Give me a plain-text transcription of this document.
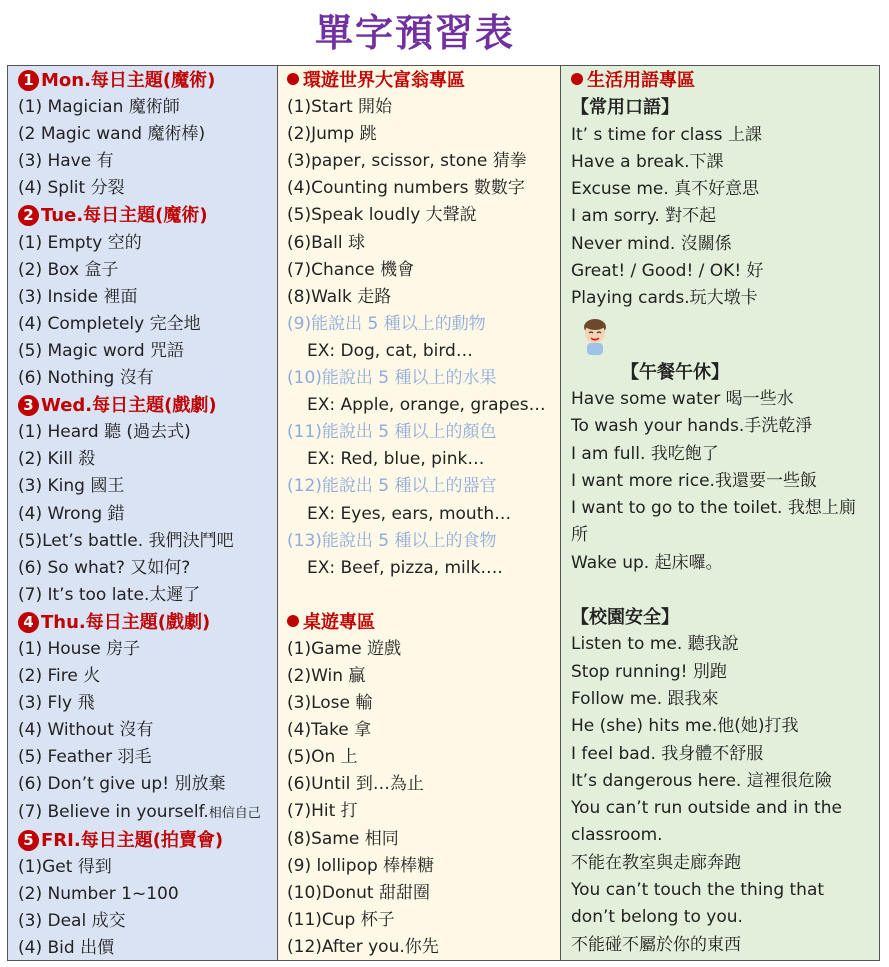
單字預習表
1 Mon.每日主題(魔術)
(1) Magician 魔術師
(2 Magic wand 魔術棒)
(3) Have 有
(4) Split 分裂
2 Tue.每日主題(魔術)
(1) Empty 空的
(2) Box 盒子
(3) Inside 裡面
(4) Completely 完全地
(5) Magic word 咒語
(6) Nothing 沒有
3 Wed.每日主題(戲劇)
(1) Heard 聽 (過去式)
(2) Kill 殺
(3) King 國王
(4) Wrong 錯
(5)Let’s battle. 我們決鬥吧
(6) So what? 又如何?
(7) It’s too late.太遲了
4 Thu.每日主題(戲劇)
(1) House 房子
(2) Fire 火
(3) Fly 飛
(4) Without 沒有
(5) Feather 羽毛
(6) Don’t give up! 別放棄
(7) Believe in yourself.相信自己
5 FRI.每日主題(拍賣會)
(1)Get 得到
(2) Number 1~100
(3) Deal 成交
(4) Bid 出價
環遊世界大富翁專區
(1)Start 開始
(2)Jump 跳
(3)paper, scissor, stone 猜拳
(4)Counting numbers 數數字
(5)Speak loudly 大聲說
(6)Ball 球
(7)Chance 機會
(8)Walk 走路
(9)能說出 5 種以上的動物
EX: Dog, cat, bird…
(10)能說出 5 種以上的水果
EX: Apple, orange, grapes…
(11)能說出 5 種以上的顏色
EX: Red, blue, pink…
(12)能說出 5 種以上的器官
EX: Eyes, ears, mouth…
(13)能說出 5 種以上的食物
EX: Beef, pizza, milk….
桌遊專區
(1)Game 遊戲
(2)Win 贏
(3)Lose 輸
(4)Take 拿
(5)On 上
(6)Until 到…為止
(7)Hit 打
(8)Same 相同
(9) lollipop 棒棒糖
(10)Donut 甜甜圈
(11)Cup 杯子
(12)After you.你先
生活用語專區
【常用口語】
It’ s time for class 上課
Have a break.下課
Excuse me. 真不好意思
I am sorry. 對不起
Never mind. 沒關係
Great! / Good! / OK! 好
Playing cards.玩大墩卡
【午餐午休】
Have some water 喝一些水
To wash your hands.手洗乾淨
I am full. 我吃飽了
I want more rice.我還要一些飯
I want to go to the toilet. 我想上廁所
Wake up. 起床囉。
【校園安全】
Listen to me. 聽我說
Stop running! 別跑
Follow me. 跟我來
He (she) hits me.他(她)打我
I feel bad. 我身體不舒服
It’s dangerous here. 這裡很危險
You can’t run outside and in the classroom.
不能在教室與走廊奔跑
You can’t touch the thing that don’t belong to you.
不能碰不屬於你的東西
